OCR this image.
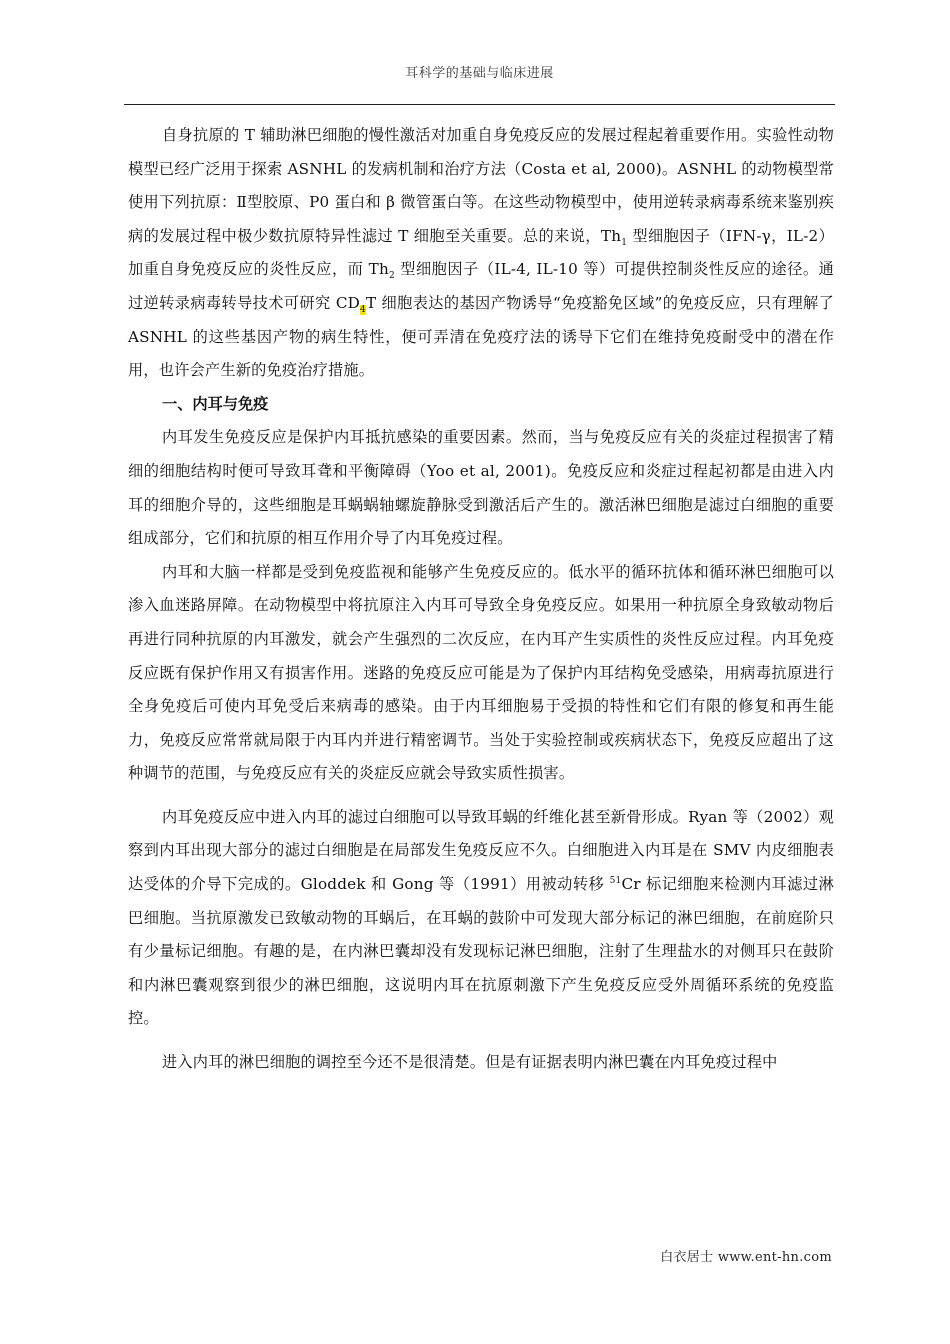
耳科学的基础与临床进展

自身抗原的 T 辅助淋巴细胞的慢性激活对加重自身免疫反应的发展过程起着重要作用。实验性动物模型已经广泛用于探索 ASNHL 的发病机制和治疗方法（Costa et al, 2000)。ASNHL 的动物模型常使用下列抗原：Ⅱ型胶原、P0 蛋白和 β 微管蛋白等。在这些动物模型中，使用逆转录病毒系统来鉴别疾病的发展过程中极少数抗原特异性滤过 T 细胞至关重要。总的来说，$Th_1$ 型细胞因子（IFN-γ，IL-2）加重自身免疫反应的炎性反应，而 $Th_2$ 型细胞因子（IL-4, IL-10 等）可提供控制炎性反应的途径。通过逆转录病毒转导技术可研究 $CD_4T$ 细胞表达的基因产物诱导“免疫豁免区域”的免疫反应，只有理解了 ASNHL 的这些基因产物的病生特性，便可弄清在免疫疗法的诱导下它们在维持免疫耐受中的潜在作用，也许会产生新的免疫治疗措施。

一、内耳与免疫

内耳发生免疫反应是保护内耳抵抗感染的重要因素。然而，当与免疫反应有关的炎症过程损害了精细的细胞结构时便可导致耳聋和平衡障碍（Yoo et al, 2001)。免疫反应和炎症过程起初都是由进入内耳的细胞介导的，这些细胞是耳蜗蜗轴螺旋静脉受到激活后产生的。激活淋巴细胞是滤过白细胞的重要组成部分，它们和抗原的相互作用介导了内耳免疫过程。

内耳和大脑一样都是受到免疫监视和能够产生免疫反应的。低水平的循环抗体和循环淋巴细胞可以渗入血迷路屏障。在动物模型中将抗原注入内耳可导致全身免疫反应。如果用一种抗原全身致敏动物后再进行同种抗原的内耳激发，就会产生强烈的二次反应，在内耳产生实质性的炎性反应过程。内耳免疫反应既有保护作用又有损害作用。迷路的免疫反应可能是为了保护内耳结构免受感染，用病毒抗原进行全身免疫后可使内耳免受后来病毒的感染。由于内耳细胞易于受损的特性和它们有限的修复和再生能力，免疫反应常常就局限于内耳内并进行精密调节。当处于实验控制或疾病状态下，免疫反应超出了这种调节的范围，与免疫反应有关的炎症反应就会导致实质性损害。

内耳免疫反应中进入内耳的滤过白细胞可以导致耳蜗的纤维化甚至新骨形成。Ryan 等（2002）观察到内耳出现大部分的滤过白细胞是在局部发生免疫反应不久。白细胞进入内耳是在 SMV 内皮细胞表达受体的介导下完成的。Gloddek 和 Gong 等（1991）用被动转移 $^{51}$Cr 标记细胞来检测内耳滤过淋巴细胞。当抗原激发已致敏动物的耳蜗后，在耳蜗的鼓阶中可发现大部分标记的淋巴细胞，在前庭阶只有少量标记细胞。有趣的是，在内淋巴囊却没有发现标记淋巴细胞，注射了生理盐水的对侧耳只在鼓阶和内淋巴囊观察到很少的淋巴细胞，这说明内耳在抗原刺激下产生免疫反应受外周循环系统的免疫监控。

进入内耳的淋巴细胞的调控至今还不是很清楚。但是有证据表明内淋巴囊在内耳免疫过程中

白衣居士 www.ent-hn.com
